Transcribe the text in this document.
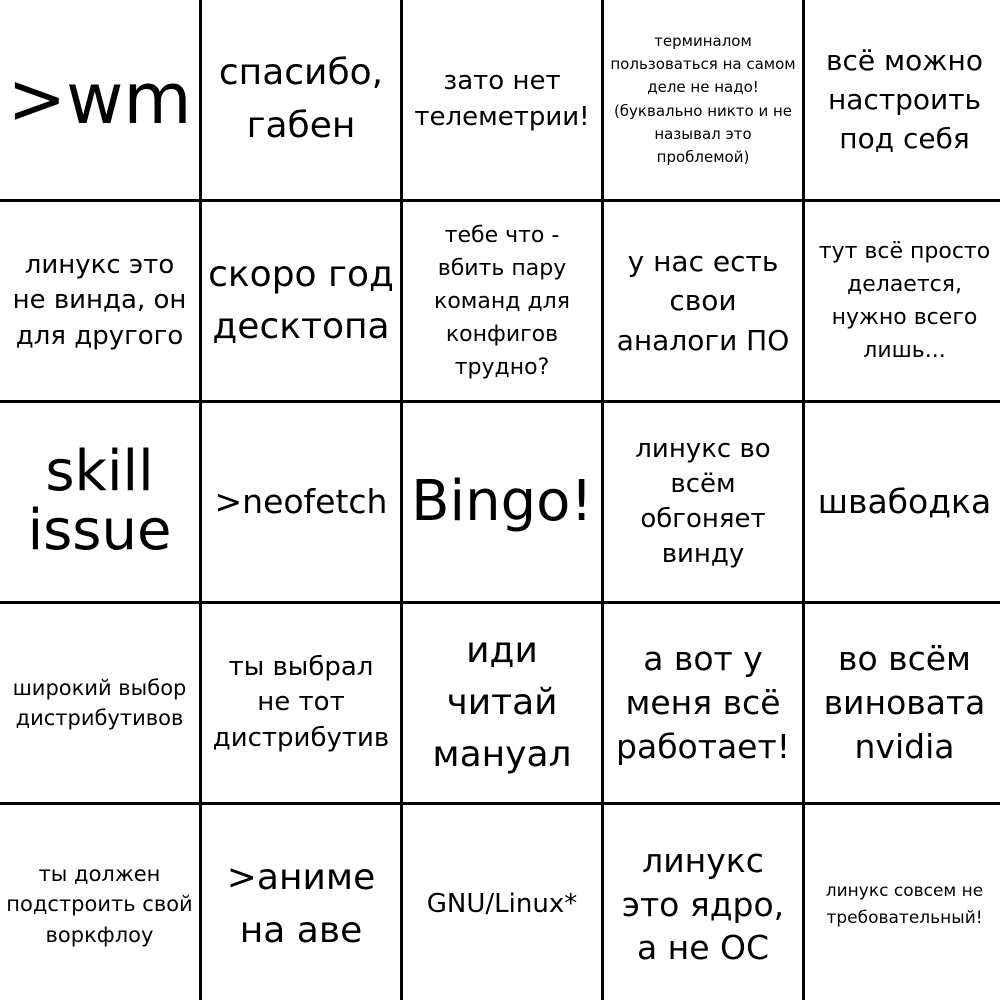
>wm спасибо, габен
зато нет телеметрии!
терминалом пользоваться на самом деле не надо! (буквально никто и не называл это проблемой)
всё можно настроить под себя
линукс это не винда, он для другого
скоро год десктопа
тебе что - вбить пару команд для конфигов трудно?
у нас есть свои аналоги ПО
тут всё просто делается, нужно всего лишь...
skill issue	>neofetch Bingo!
линукс во всём обгоняет винду
швабодка
широкий выбор дистрибутивов
ты выбрал не тот дистрибутив
иди читай мануал
а вот у меня всё работает!
во всём виновата nvidia
ты должен подстроить свой воркфлоу
>аниме на аве
GNU/Linux*
линукс это ядро, а не ОС
линукс совсем не требовательный!
